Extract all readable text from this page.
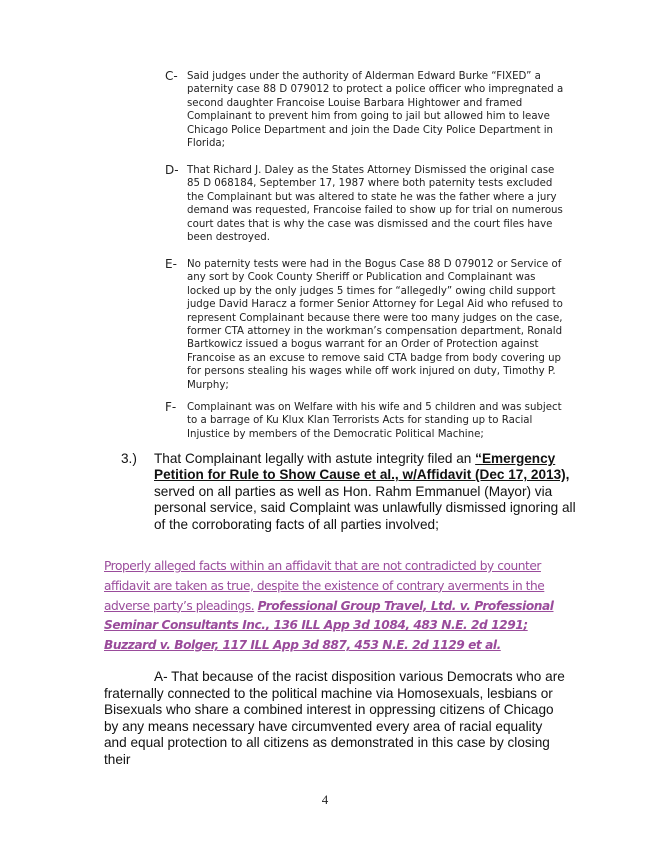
C- Said judges under the authority of Alderman Edward Burke “FIXED” a paternity case 88 D 079012 to protect a police officer who impregnated a second daughter Francoise Louise Barbara Hightower and framed Complainant to prevent him from going to jail but allowed him to leave Chicago Police Department and join the Dade City Police Department in Florida;
D- That Richard J. Daley as the States Attorney Dismissed the original case 85 D 068184, September 17, 1987 where both paternity tests excluded the Complainant but was altered to state he was the father where a jury demand was requested, Francoise failed to show up for trial on numerous court dates that is why the case was dismissed and the court files have been destroyed.
E- No paternity tests were had in the Bogus Case 88 D 079012 or Service of any sort by Cook County Sheriff or Publication and Complainant was locked up by the only judges 5 times for “allegedly” owing child support judge David Haracz a former Senior Attorney for Legal Aid who refused to represent Complainant because there were too many judges on the case, former CTA attorney in the workman’s compensation department, Ronald Bartkowicz issued a bogus warrant for an Order of Protection against Francoise as an excuse to remove said CTA badge from body covering up for persons stealing his wages while off work injured on duty, Timothy P. Murphy;
F- Complainant was on Welfare with his wife and 5 children and was subject to a barrage of Ku Klux Klan Terrorists Acts for standing up to Racial Injustice by members of the Democratic Political Machine;
3.) That Complainant legally with astute integrity filed an “Emergency Petition for Rule to Show Cause et al., w/Affidavit (Dec 17, 2013), served on all parties as well as Hon. Rahm Emmanuel (Mayor) via personal service, said Complaint was unlawfully dismissed ignoring all of the corroborating facts of all parties involved;
Properly alleged facts within an affidavit that are not contradicted by counter affidavit are taken as true, despite the existence of contrary averments in the adverse party’s pleadings. Professional Group Travel, Ltd. v. Professional Seminar Consultants Inc., 136 ILL App 3d 1084, 483 N.E. 2d 1291; Buzzard v. Bolger, 117 ILL App 3d 887, 453 N.E. 2d 1129 et al.
A- That because of the racist disposition various Democrats who are fraternally connected to the political machine via Homosexuals, lesbians or Bisexuals who share a combined interest in oppressing citizens of Chicago by any means necessary have circumvented every area of racial equality and equal protection to all citizens as demonstrated in this case by closing their
4
